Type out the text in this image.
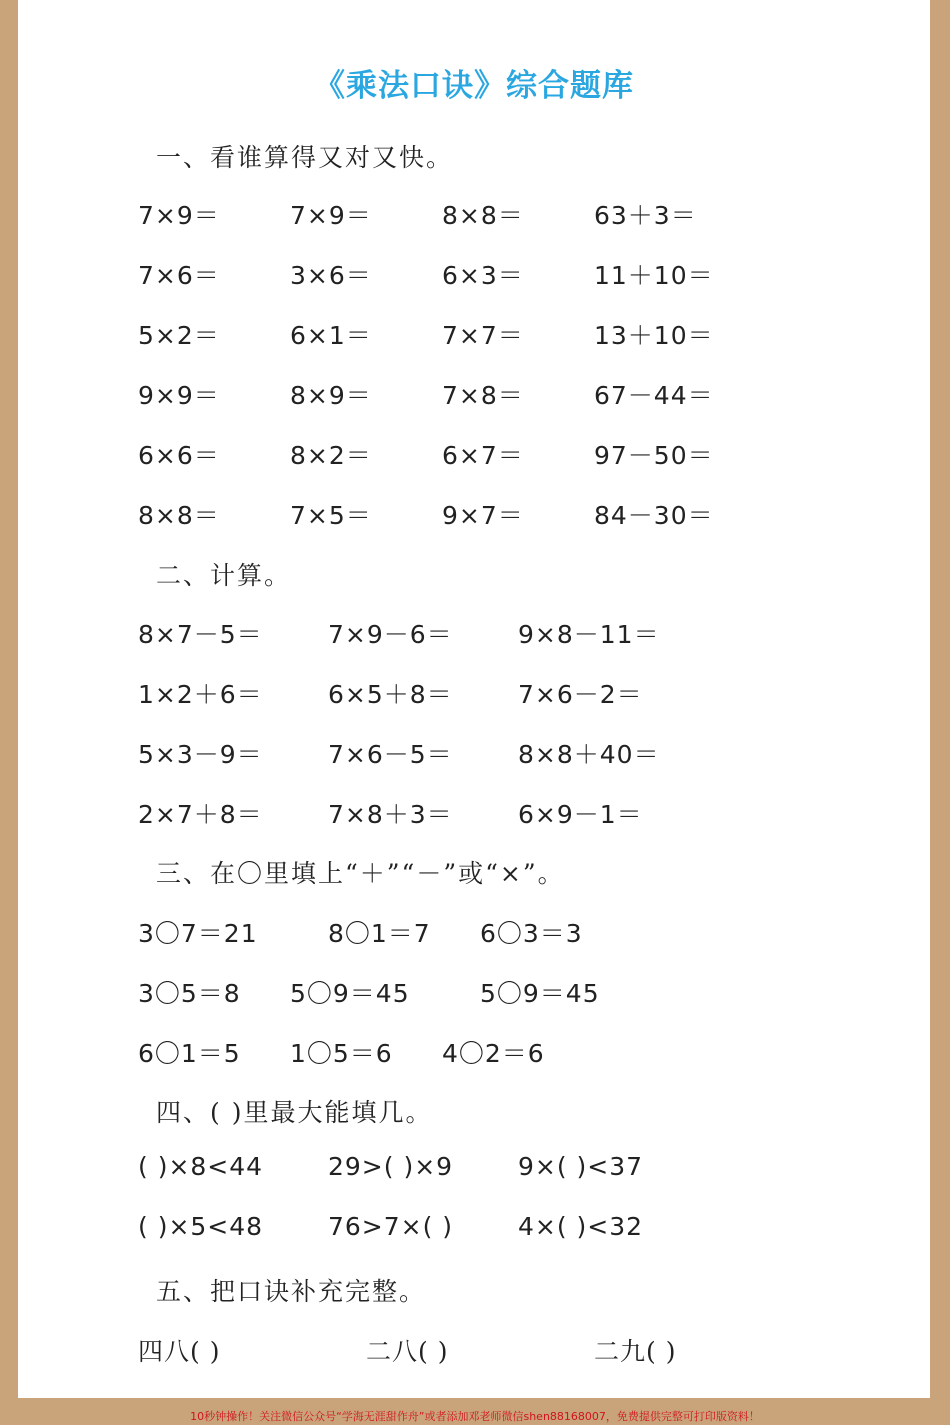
《乘法口诀》综合题库
一、看谁算得又对又快。
7×9＝	7×9＝	8×8＝	63＋3＝
7×6＝	3×6＝	6×3＝	11＋10＝
5×2＝	6×1＝	7×7＝	13＋10＝
9×9＝	8×9＝	7×8＝	67－44＝
6×6＝	8×2＝	6×7＝	97－50＝
8×8＝	7×5＝	9×7＝	84－30＝
二、计算。
8×7－5＝	7×9－6＝	9×8－11＝
1×2＋6＝	6×5＋8＝	7×6－2＝
5×3－9＝	7×6－5＝	8×8＋40＝
2×7＋8＝	7×8＋3＝	6×9－1＝
三、在〇里填上“＋”“－”或“×”。
3〇7＝21	8〇1＝7 6〇3＝3
3〇5＝8 5〇9＝45	5〇9＝45
6〇1＝5 1〇5＝6 4〇2＝6
四、( )里最大能填几。
( )×8<44	29>( )×9	9×( )<37
( )×5<48	76>7×( )	4×( )<32
五、把口诀补充完整。
四八( )	二八( )	二九( )
10秒钟操作！关注微信公众号“学海无涯甜作舟”或者添加邓老师微信shen88168007，免费提供完整可打印版资料！
